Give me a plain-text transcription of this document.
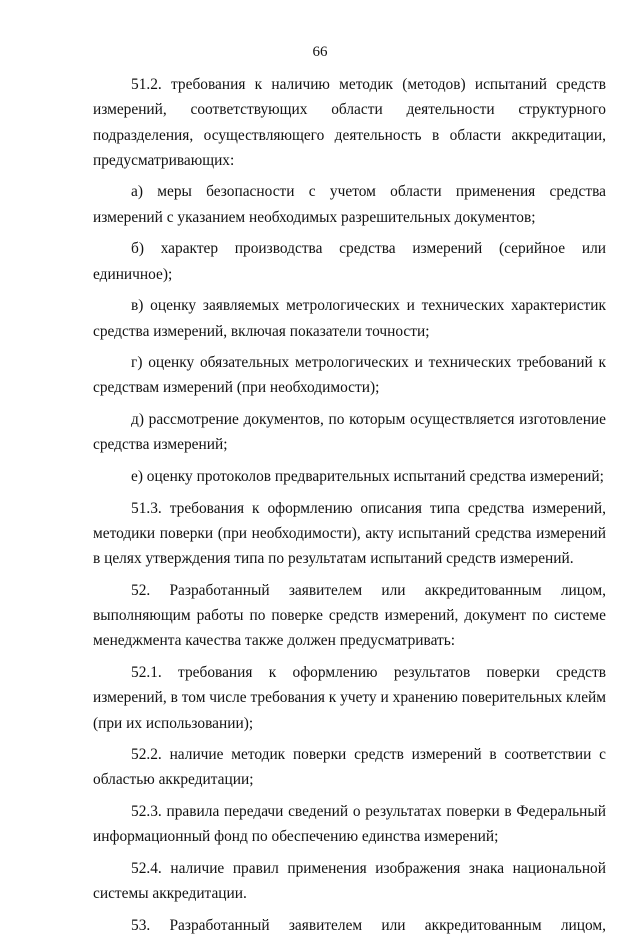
66

51.2. требования к наличию методик (методов) испытаний средств измерений, соответствующих области деятельности структурного подразделения, осуществляющего деятельность в области аккредитации, предусматривающих:

а) меры безопасности с учетом области применения средства измерений с указанием необходимых разрешительных документов;

б) характер производства средства измерений (серийное или единичное);

в) оценку заявляемых метрологических и технических характеристик средства измерений, включая показатели точности;

г) оценку обязательных метрологических и технических требований к средствам измерений (при необходимости);

д) рассмотрение документов, по которым осуществляется изготовление средства измерений;

е) оценку протоколов предварительных испытаний средства измерений;

51.3. требования к оформлению описания типа средства измерений, методики поверки (при необходимости), акту испытаний средства измерений в целях утверждения типа по результатам испытаний средств измерений.

52. Разработанный заявителем или аккредитованным лицом, выполняющим работы по поверке средств измерений, документ по системе менеджмента качества также должен предусматривать:

52.1. требования к оформлению результатов поверки средств измерений, в том числе требования к учету и хранению поверительных клейм (при их использовании);

52.2. наличие методик поверки средств измерений в соответствии с областью аккредитации;

52.3. правила передачи сведений о результатах поверки в Федеральный информационный фонд по обеспечению единства измерений;

52.4. наличие правил применения изображения знака национальной системы аккредитации.

53. Разработанный заявителем или аккредитованным лицом,
